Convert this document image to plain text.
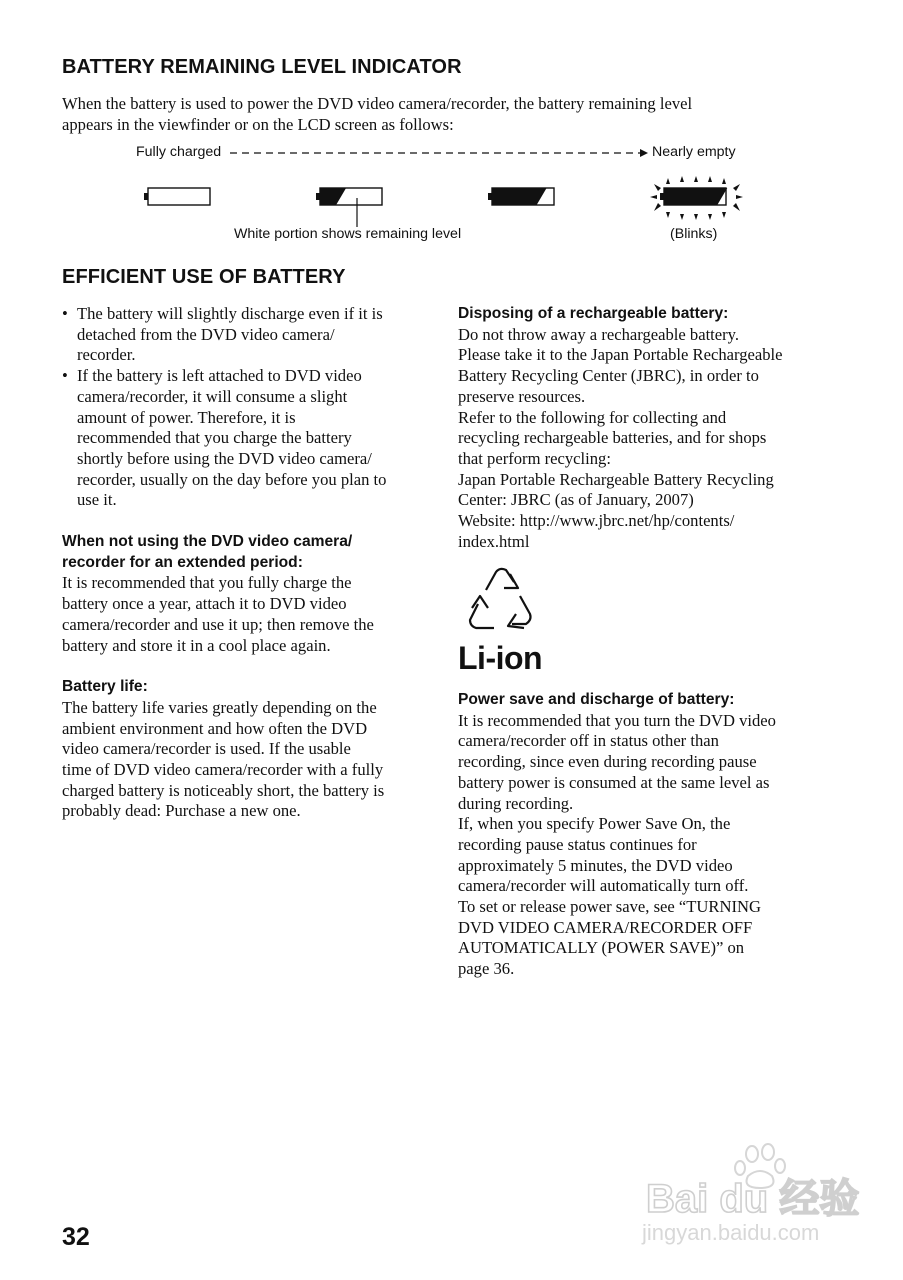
BATTERY REMAINING LEVEL INDICATOR
When the battery is used to power the DVD video camera/recorder, the battery remaining level
appears in the viewfinder or on the LCD screen as follows:
Fully charged	Nearly empty
White portion shows remaining level	(Blinks)
EFFICIENT USE OF BATTERY
• The battery will slightly discharge even if it is
detached from the DVD video camera/
recorder.
• If the battery is left attached to DVD video
camera/recorder, it will consume a slight
amount of power. Therefore, it is
recommended that you charge the battery
shortly before using the DVD video camera/
recorder, usually on the day before you plan to
use it.
When not using the DVD video camera/
recorder for an extended period:
It is recommended that you fully charge the
battery once a year, attach it to DVD video
camera/recorder and use it up; then remove the
battery and store it in a cool place again.
Battery life:
The battery life varies greatly depending on the
ambient environment and how often the DVD
video camera/recorder is used. If the usable
time of DVD video camera/recorder with a fully
charged battery is noticeably short, the battery is
probably dead: Purchase a new one.
Disposing of a rechargeable battery:
Do not throw away a rechargeable battery.
Please take it to the Japan Portable Rechargeable
Battery Recycling Center (JBRC), in order to
preserve resources.
Refer to the following for collecting and
recycling rechargeable batteries, and for shops
that perform recycling:
Japan Portable Rechargeable Battery Recycling
Center: JBRC (as of January, 2007)
Website: http://www.jbrc.net/hp/contents/
index.html
Li-ion
Power save and discharge of battery:
It is recommended that you turn the DVD video
camera/recorder off in status other than
recording, since even during recording pause
battery power is consumed at the same level as
during recording.
If, when you specify Power Save On, the
recording pause status continues for
approximately 5 minutes, the DVD video
camera/recorder will automatically turn off.
To set or release power save, see “TURNING
DVD VIDEO CAMERA/RECORDER OFF
AUTOMATICALLY (POWER SAVE)” on
page 36.
32
Bai du 经验
jingyan.baidu.com
